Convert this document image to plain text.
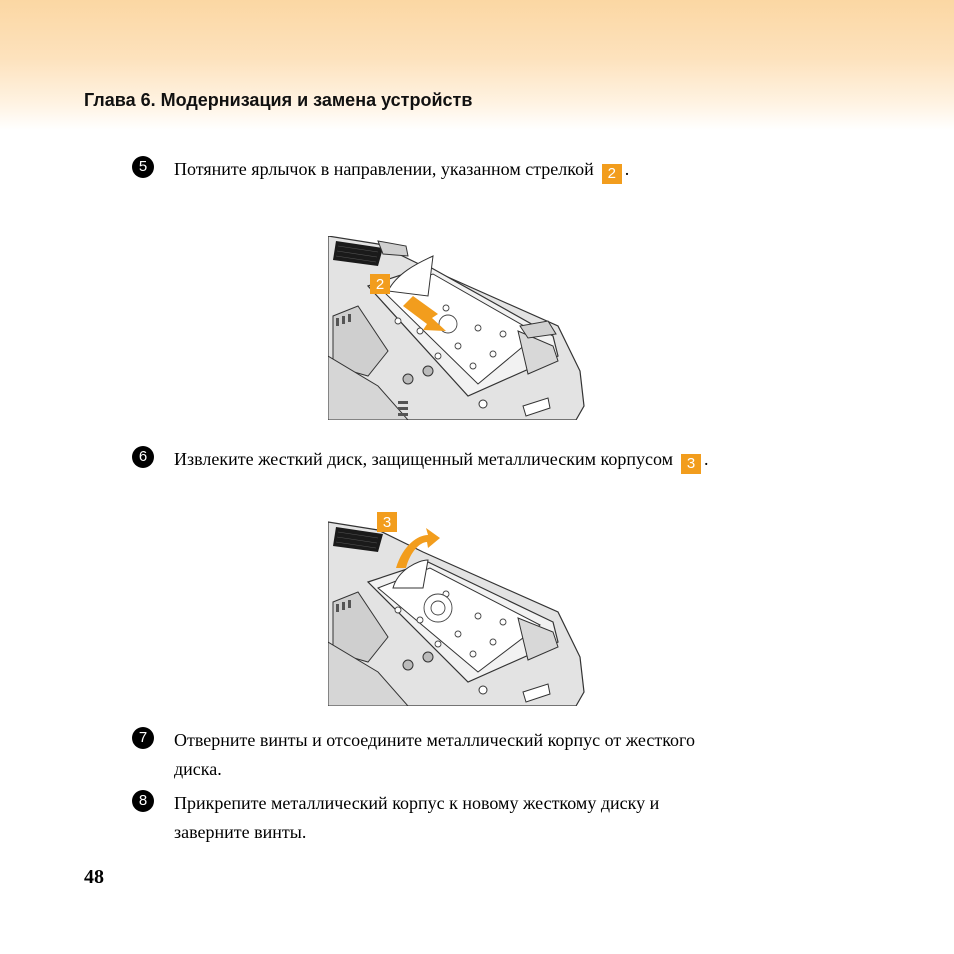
Глава 6. Модернизация и замена устройств
5	Потяните ярлычок в направлении, указанном стрелкой 2 .
2
6	Извлеките жесткий диск, защищенный металлическим корпусом 3 .
3
7	Отверните винты и отсоедините металлический корпус от жесткого
диска.
8	Прикрепите металлический корпус к новому жесткому диску и
заверните винты.
48
